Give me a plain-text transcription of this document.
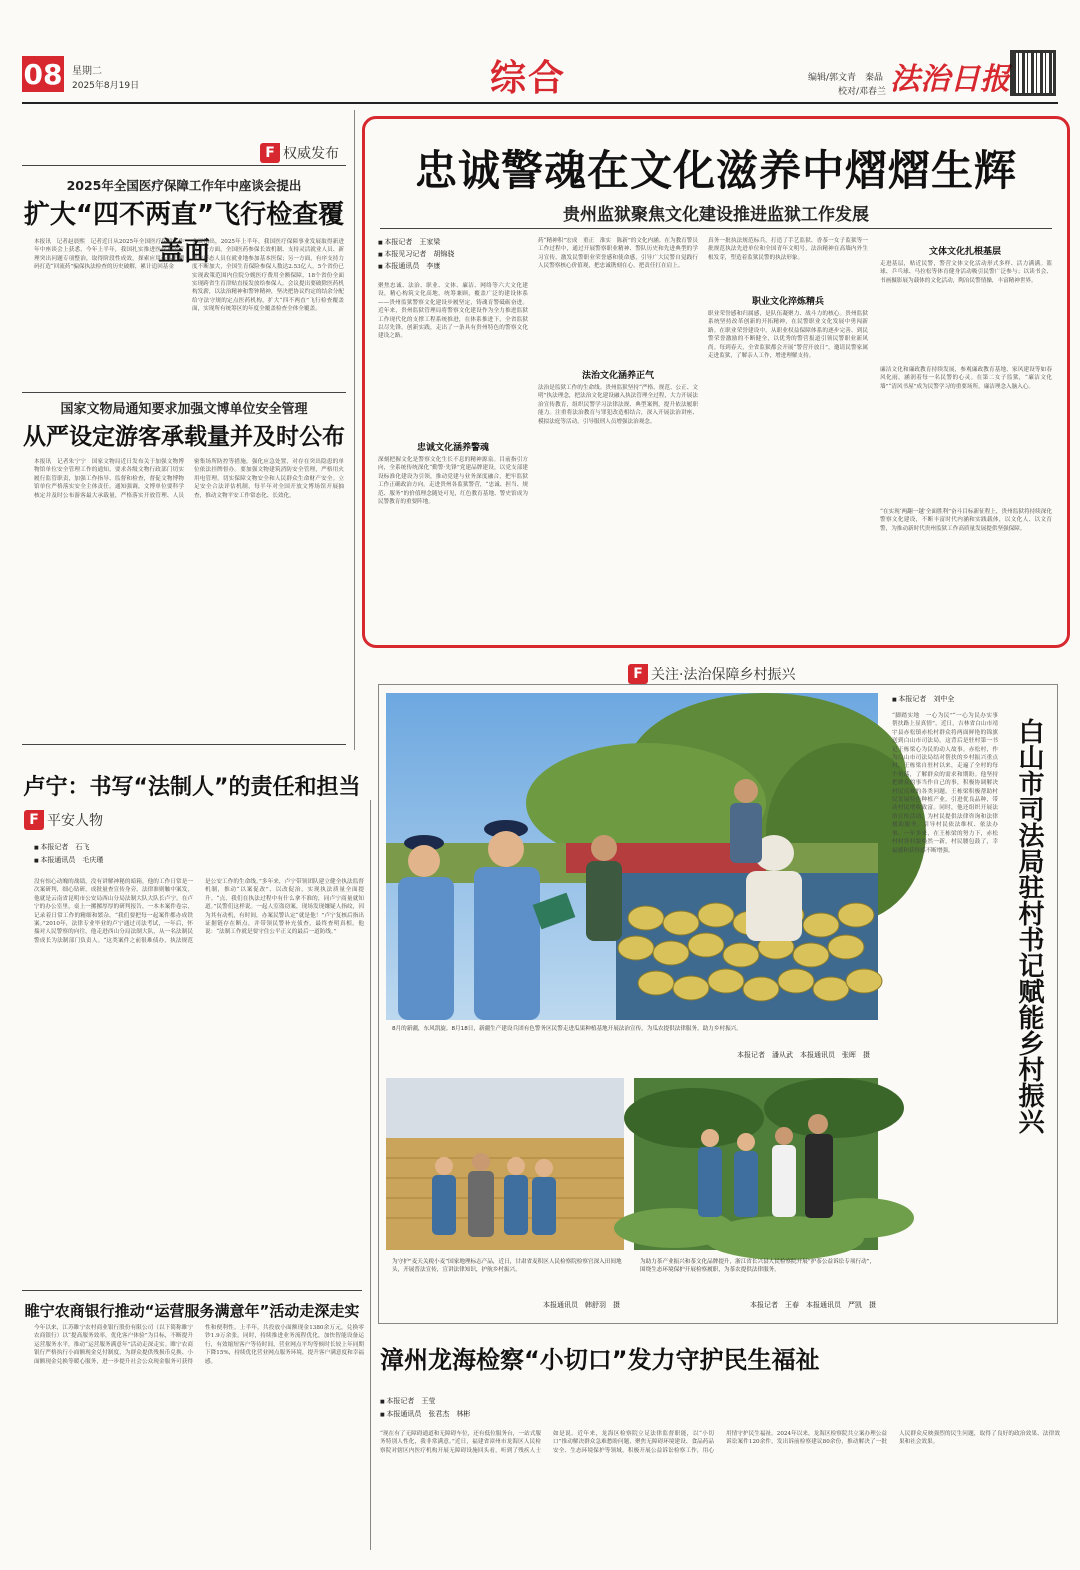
08 星期二
2025年8月19日	综合	编辑/郭文青　秦晶
校对/邓春兰 法治日报
F 权威发布
2025年全国医疗保障工作年中座谈会提出
扩大“四不两直”飞行检查覆盖面
本报讯　记者赵晨熙　记者近日从2025年全国医疗保障工作年中座谈会上获悉，今年上半年，我国扎实推进医保基金管理突出问题专项整治，取得阶段性成效，探索应用药品追溯码打造“回流药”骗保执法检查的历史破解，累计追回基金
会议指出，2025年上半年，我国医疗保障事业发展取得新进展。一方面，全国医药参保长效机制、支持灵活就业人员、新就业形态人员在就业地参加基本医保；另一方面，有序支持力度不断加大，全国生育保险参保人数达2.53亿人，5个省份已实现政策范围内住院分娩医疗费用全额保障，18个省份全面实现跨省生育津贴直接发放给参保人。会议提出要破除医药机构发薪，以法治精神和警钟精神，坚决把协议约定的结余分配给守法守规的定点医药机构，扩大“四不两直”飞行检查覆盖面，实现所有统筹区的年度全覆盖检查全体全覆盖。
国家文物局通知要求加强文博单位安全管理
从严设定游客承载量并及时公布
本报讯　记者朱宁宁　国家文物局近日发布关于加强文物博物馆单位安全管理工作的通知，要求各级文物行政部门切实履行监管职责，加强工作指导、监督和检查，督促文物博物馆单位严格落实安全主体责任。通知强调，文博单位要科学核定并及时公布游客最大承载量，严格落实开放管理、人员密集场所防控等措施，强化应急处置，对存在突出隐患的单位依法挂牌督办。要加强文物建筑消防安全管理，严格用火用电管理，切实保障文物安全和人民群众生命财产安全。立足安全合法评估机制，每半年对全国开放文博场馆开展抽查，推动文物平安工作常态化、长效化。
卢宁：书写“法制人”的责任和担当
F 平安人物
■ 本报记者　石飞
■ 本报通讯员　毛庆瑾
没有惊心动魄的战绩，没有讲解神秘的暗箱，他的工作日常是一次案研判，细心钻研，成批量查宣传身旁。法律准则触中案发，他就是云南省昆明市公安局西山分局法制大队大队长卢宁。在卢宁的办公室里，桌上一摞摞厚厚的研判报告，一本本案件卷宗，记录着日常工作的精细和繁杂。“我们要把每一起案件都办成铁案。”2010年，法律专业毕业的卢宁通过司法考试，一年后，怀揣对人民警察的向往，他走进西山分局法制大队，从一名法制民警成长为法制部门负责人。“这类案件之前很难侦办，执法规范是公安工作的生命线。”多年来，卢宁带领团队建立健全执法监督机制，推动“以案促改”、以改促治，实现执法质量全面提升。“点，我们在执法过程中有什么拿不准的，同卢宁商量就知道。”民警们这样说。一起人室盗窃案，现场发现嫌疑人指纹，因为其有动机，有时间，办案民警认定“就是他！”卢宁复核后指出证据链存在断点，并带领民警补充侦查，最终查明真相。他说：“法制工作就是要守住公平正义的最后一道防线。”
睢宁农商银行推动“运营服务满意年”活动走深走实
今年以来，江苏睢宁农村商业银行股份有限公司（以下简称睢宁农商银行）以“提高服务效率，优化客户体验”为目标，不断提升运营服务水平，推动“运营服务满意年”活动走深走实。睢宁农商银行严格执行小面额现金兑付制度，为群众提供残损币兑换、小面额现金兑换等暖心服务，进一步提升社会公众现金服务可获得性和便利性。上半年，共投放小面额现金1380余万元，兑换零钞1.9万余张。同时，持续推进业务流程优化，加快智能设备运行，有效缩短客户等待时间，营业网点平均等候时长较上年同期下降15%，持续优化营业网点服务环境，提升客户满意度和幸福感。
忠诚警魂在文化滋养中熠熠生辉
贵州监狱聚焦文化建设推进监狱工作发展
■ 本报记者　王家梁
■ 本报见习记者　胡锦骁
■ 本报通讯员　李康
聚焦忠诚、法治、职业、文体、廉洁、网络等六大文化建设，精心构筑文化高地，统筹兼顾，覆盖广泛的建设体系——贵州监狱警察文化建设步履坚定，铸魂育警砥砺奋进。近年来，贵州监狱管理局将警察文化建设作为全力推进监狱工作现代化的支撑工程系统推进，在体系推进下，全省监狱以尽先锋，创新实践，走出了一条具有贵州特色的警察文化建设之路。
忠诚文化涵养警魂
深刻把握文化是警察文化生长不息的精神源泉。目前指引方向，全系统传统深化“勤警·先锋”党建品牌建设，以党支部建设标准化建设为引领，推动党建与业务深度融合，把牢监狱工作正确政治方向。走进贵州各监狱警营，“忠诚、担当、规范、服务”的价值理念随处可见，红色教育基地、警史馆成为民警教育的重要阵地。
药“精神积”宏成　重正　淮实　陈新”的文化内涵。在为教育警员工作过程中，通过开展警察职业精神、警队历史和先进典型的学习宣传，激发民警职业荣誉感和使命感，引导广大民警自觉践行人民警察核心价值观，把忠诚镌刻在心，把责任扛在肩上。
法治文化涵养正气
法治是监狱工作的生命线。贵州监狱坚持“严格、规范、公正、文明”执法理念，把法治文化建设融入执法管理全过程，大力开展法治宣传教育，组织民警学习法律法规、典型案例，提升依法履职能力。注重将法治教育与罪犯改造相结合，深入开展法治讲座、模拟法庭等活动，引导服刑人员增强法治观念。
真务一批执法规范标兵，打造了手艺监狱、香茶一女子监狱等一批规范执法先进单位和全国青年文明号，法治精神在高墙内外生根发芽，塑造着监狱民警的执法形象。
职业文化淬炼精兵
职业荣誉感和归属感，是队伍凝聚力、战斗力的核心。贵州监狱系统坚持改革创新的开拓精神，在民警职业文化发展中勇闯新路。在职业荣誉建设中，从职业权益保障体系的逐步完善、到民警荣誉激励的不断健全，以优秀的警营报道引领民警职业新风尚。每到春天，全省监狱都会开展“警营开放日”，邀请民警家属走进监狱，了解亲人工作，增进理解支持。
文体文化扎根基层
走进基层，贴近民警，警营文体文化活动形式多样、活力满满。篮球、乒乓球、马拉松等体育健身活动吸引民警广泛参与；以读书会、书画摄影展为载体的文化活动，陶冶民警情操，丰富精神世界。
廉洁文化和廉政教育持续发展，参观廉政教育基地、家风建设等如春风化雨，涵润着每一名民警的心灵。在第二女子监狱，“廉洁文化墙”“清风书屋”成为民警学习的重要场所，廉洁理念入脑入心。
“在实现‘两翻一越’全面胜利”奋斗目标新征程上，贵州监狱将持续深化警察文化建设，不断丰富时代内涵和实践载体，以文化人、以文育警，为推动新时代贵州监狱工作高质量发展提供坚强保障。
F 关注·法治保障乡村振兴
8月的新疆，东风凯旋。8月18日，新疆生产建设兵团有色警务区民警走进瓜果种植基地开展法治宣传，为瓜农提供法律服务，助力乡村振兴。
本报记者　潘从武　本报通讯员　张晖　摄
为守护“麦天关税小麦”国家地理标志产品，近日，甘肃省麦积区人民检察院检察官深入田间地头，开展普法宣传，宣讲法律知识，护航乡村振兴。
本报通讯员　韩舒羽　摄
为助力茶产业振兴和茶文化品牌提升，浙江省长兴县人民检察院开展“护茶公益诉讼专项行动”，围绕生态环境保护开展检察履职，为茶农提供法律服务。
本报记者　王春　本报通讯员　严凯　摄
■ 本报记者　刘中全
白山市司法局驻村书记赋能乡村振兴
“脚踏实地　一心为民”“一心为民办实事　帮扶路上显真情”，近日，吉林省白山市靖宇县赤松镇赤松村群众将两面鲜艳的锦旗送到白山市司法局。这背后是驻村第一书记王栋梁心为民的动人故事。赤松村，作为白山市司法局结对帮扶的乡村振兴重点村，王栋梁自驻村以来，走遍了全村的每个角落，了解群众的需求和期盼。他坚持把群众的事当作自己的事，积极协调解决村民反映的各类问题。王栋梁积极帮助村民发展特色种植产业，引进优良品种，带动村民增收致富。同时，他还组织开展法治宣传活动，为村民提供法律咨询和法律援助服务，引导村民依法维权、依法办事。一年多来，在王栋梁的努力下，赤松村村容村貌焕然一新，村民腰包鼓了，幸福感和获得感不断增强。
漳州龙海检察“小切口”发力守护民生福祉
■ 本报记者　王莹
■ 本报通讯员　张君杰　林彬
“现在有了无障碍通道和无障碍车位，还有低位服务台，一站式服务特别人性化，我非常满意。”近日，福建省漳州市龙海区人民检察院对辖区内医疗机构开展无障碍设施回头看，听到了残疾人士如是说。近年来，龙海区检察院立足法律监督职能，以“小切口”推动解决群众急难愁盼问题，聚焦无障碍环境建设、食品药品安全、生态环境保护等领域，积极开展公益诉讼检察工作，用心用情守护民生福祉。2024年以来，龙海区检察院共立案办理公益诉讼案件120余件，发出诉前检察建议80余份，推动解决了一批人民群众反映强烈的民生问题，取得了良好的政治效果、法律效果和社会效果。
